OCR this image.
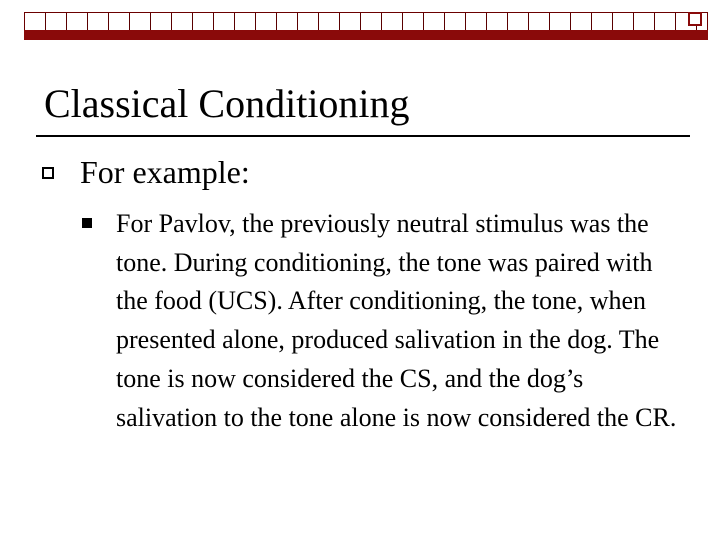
Classical Conditioning
For example:

For Pavlov, the previously neutral stimulus was the tone. During conditioning, the tone was paired with the food (UCS). After conditioning, the tone, when presented alone, produced salivation in the dog. The tone is now considered the CS, and the dog’s salivation to the tone alone is now considered the CR.
